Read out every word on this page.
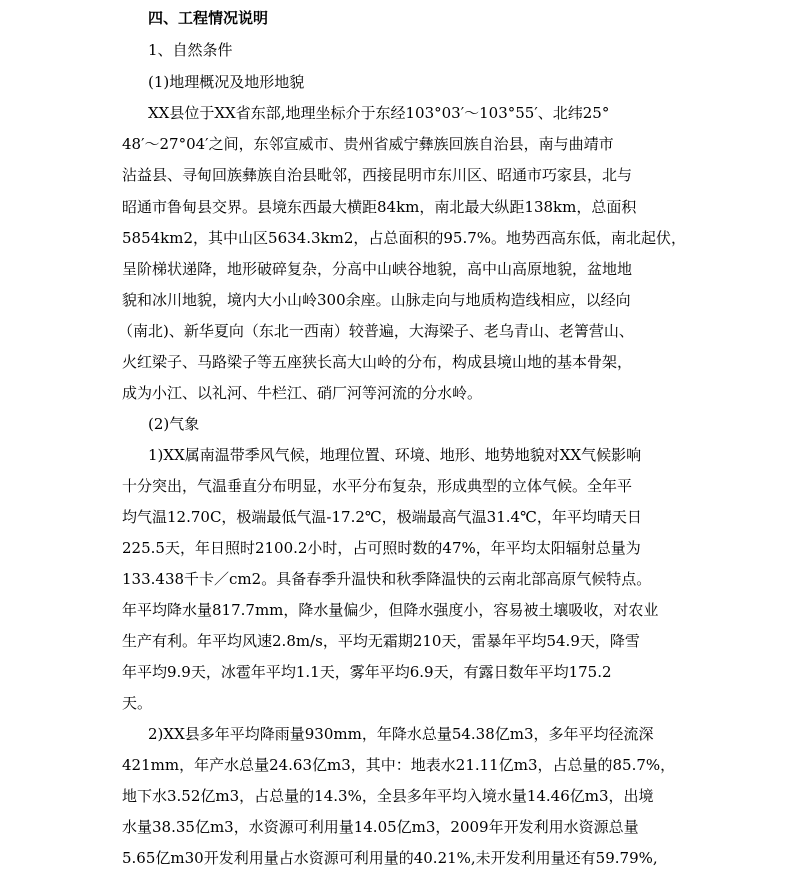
四、工程情况说明
1、自然条件
(1)地理概况及地形地貌
XX县位于XX省东部,地理坐标介于东经103°03′～103°55′、北纬25°
48′～27°04′之间，东邻宣威市、贵州省威宁彝族回族自治县，南与曲靖市
沾益县、寻甸回族彝族自治县毗邻，西接昆明市东川区、昭通市巧家县，北与
昭通市鲁甸县交界。县境东西最大横距84km，南北最大纵距138km，总面积
5854km2，其中山区5634.3km2，占总面积的95.7%。地势西高东低，南北起伏，
呈阶梯状递降，地形破碎复杂，分高中山峡谷地貌，高中山高原地貌，盆地地
貌和冰川地貌，境内大小山岭300余座。山脉走向与地质构造线相应，以经向
（南北)、新华夏向（东北一西南）较普遍，大海梁子、老乌青山、老箐营山、
火红梁子、马路梁子等五座狭长高大山岭的分布，构成县境山地的基本骨架，
成为小江、以礼河、牛栏江、硝厂河等河流的分水岭。
(2)气象
1)XX属南温带季风气候，地理位置、环境、地形、地势地貌对XX气候影响
十分突出，气温垂直分布明显，水平分布复杂，形成典型的立体气候。全年平
均气温12.70C，极端最低气温-17.2℃，极端最高气温31.4℃，年平均晴天日
225.5天，年日照时2100.2小时，占可照时数的47%，年平均太阳辐射总量为
133.438千卡／cm2。具备春季升温快和秋季降温快的云南北部高原气候特点。
年平均降水量817.7mm，降水量偏少，但降水强度小，容易被土壤吸收，对农业
生产有利。年平均风速2.8m/s，平均无霜期210天，雷暴年平均54.9天，降雪
年平均9.9天，冰雹年平均1.1天，雾年平均6.9天，有露日数年平均175.2
天。
2)XX县多年平均降雨量930mm，年降水总量54.38亿m3，多年平均径流深
421mm，年产水总量24.63亿m3，其中：地表水21.11亿m3，占总量的85.7%，
地下水3.52亿m3，占总量的14.3%，全县多年平均入境水量14.46亿m3，出境
水量38.35亿m3，水资源可利用量14.05亿m3，2009年开发利用水资源总量
5.65亿m30开发利用量占水资源可利用量的40.21%,未开发利用量还有59.79%,
